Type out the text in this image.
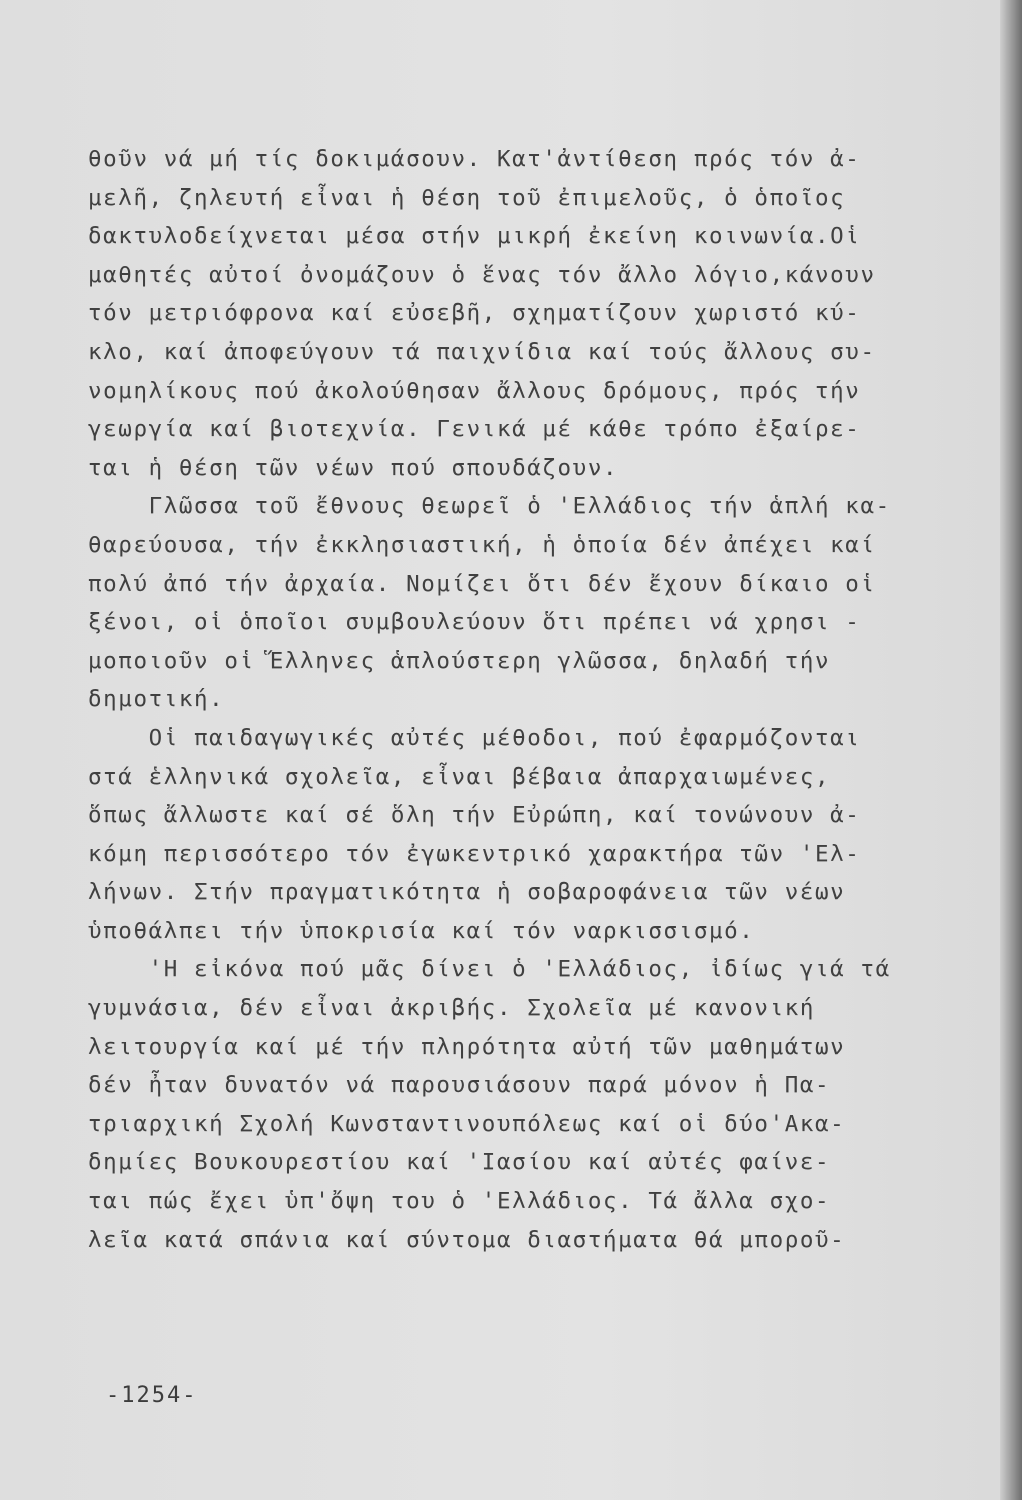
θοῦν νά μή τίς δοκιμάσουν. Κατ'ἀντίθεση πρός τόν ἀ-
μελῆ, ζηλευτή εἶναι ἡ θέση τοῦ ἐπιμελοῦς, ὁ ὁποῖος
δακτυλοδείχνεται μέσα στήν μικρή ἐκείνη κοινωνία.Οἱ
μαθητές αὐτοί ὀνομάζουν ὁ ἕνας τόν ἄλλο λόγιο,κάνουν
τόν μετριόφρονα καί εὐσεβῆ, σχηματίζουν χωριστό κύ-
κλο, καί ἀποφεύγουν τά παιχνίδια καί τούς ἄλλους συ-
νομηλίκους πού ἀκολούθησαν ἄλλους δρόμους, πρός τήν
γεωργία καί βιοτεχνία. Γενικά μέ κάθε τρόπο ἐξαίρε-
ται ἡ θέση τῶν νέων πού σπουδάζουν.
Γλῶσσα τοῦ ἔθνους θεωρεῖ ὁ 'Ελλάδιος τήν ἁπλή κα-
θαρεύουσα, τήν ἐκκλησιαστική, ἡ ὁποία δέν ἀπέχει καί
πολύ ἀπό τήν ἀρχαία. Νομίζει ὅτι δέν ἔχουν δίκαιο οἱ
ξένοι, οἱ ὁποῖοι συμβουλεύουν ὅτι πρέπει νά χρησι -
μοποιοῦν οἱ Ἕλληνες ἁπλούστερη γλῶσσα, δηλαδή τήν
δημοτική.
Οἱ παιδαγωγικές αὐτές μέθοδοι, πού ἐφαρμόζονται
στά ἑλληνικά σχολεῖα, εἶναι βέβαια ἀπαρχαιωμένες,
ὅπως ἄλλωστε καί σέ ὅλη τήν Εὐρώπη, καί τονώνουν ἀ-
κόμη περισσότερο τόν ἐγωκεντρικό χαρακτήρα τῶν 'Ελ-
λήνων. Στήν πραγματικότητα ἡ σοβαροφάνεια τῶν νέων
ὑποθάλπει τήν ὑποκρισία καί τόν ναρκισσισμό.
'Η εἰκόνα πού μᾶς δίνει ὁ 'Ελλάδιος, ἰδίως γιά τά
γυμνάσια, δέν εἶναι ἀκριβής. Σχολεῖα μέ κανονική
λειτουργία καί μέ τήν πληρότητα αὐτή τῶν μαθημάτων
δέν ἦταν δυνατόν νά παρουσιάσουν παρά μόνον ἡ Πα-
τριαρχική Σχολή Κωνσταντινουπόλεως καί οἱ δύο'Ακα-
δημίες Βουκουρεστίου καί 'Ιασίου καί αὐτές φαίνε-
ται πώς ἔχει ὑπ'ὄψη του ὁ 'Ελλάδιος. Τά ἄλλα σχο-
λεῖα κατά σπάνια καί σύντομα διαστήματα θά μποροῦ-
-1254-
